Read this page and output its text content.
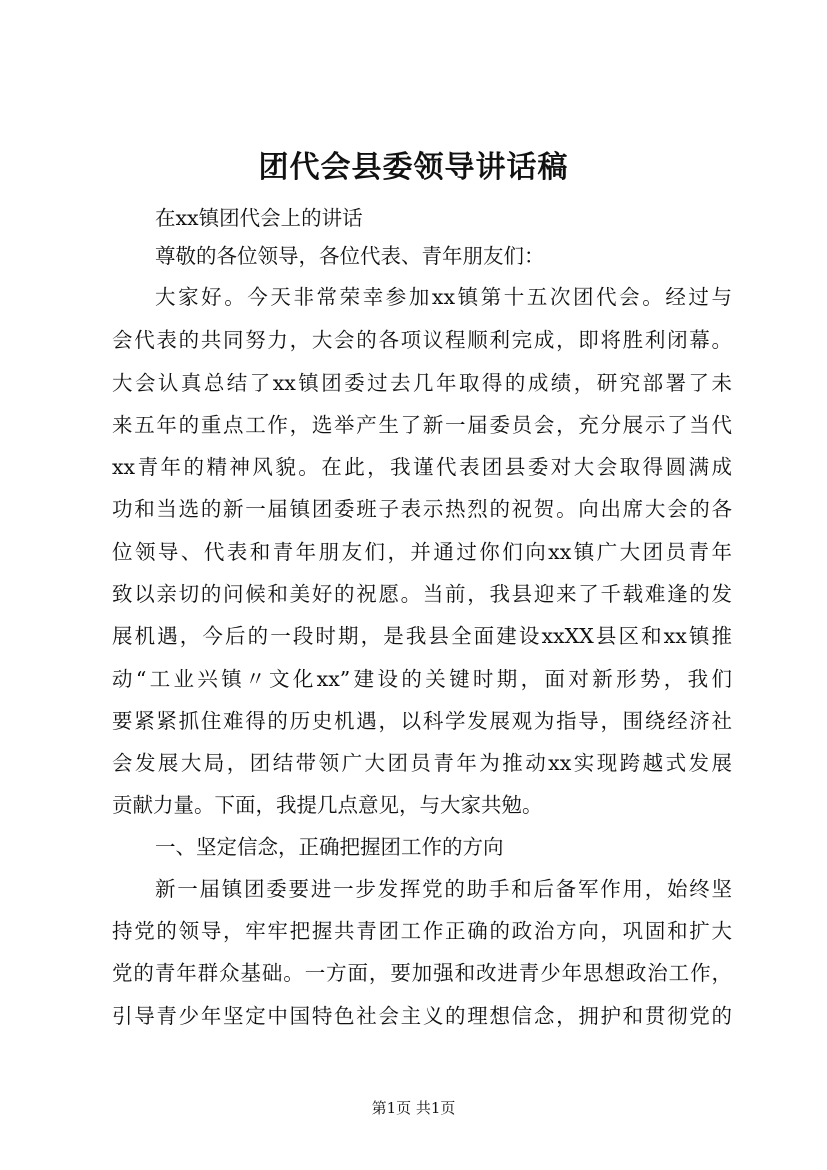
团代会县委领导讲话稿
在xx镇团代会上的讲话
尊敬的各位领导，各位代表、青年朋友们：
大家好。今天非常荣幸参加xx镇第十五次团代会。经过与
会代表的共同努力，大会的各项议程顺利完成，即将胜利闭幕。
大会认真总结了xx镇团委过去几年取得的成绩，研究部署了未
来五年的重点工作，选举产生了新一届委员会，充分展示了当代
xx青年的精神风貌。在此，我谨代表团县委对大会取得圆满成
功和当选的新一届镇团委班子表示热烈的祝贺。向出席大会的各
位领导、代表和青年朋友们，并通过你们向xx镇广大团员青年
致以亲切的问候和美好的祝愿。当前，我县迎来了千载难逢的发
展机遇，今后的一段时期，是我县全面建设xxXX县区和xx镇推
动“工业兴镇〃文化xx”建设的关键时期，面对新形势，我们
要紧紧抓住难得的历史机遇，以科学发展观为指导，围绕经济社
会发展大局，团结带领广大团员青年为推动xx实现跨越式发展
贡献力量。下面，我提几点意见，与大家共勉。
一、坚定信念，正确把握团工作的方向
新一届镇团委要进一步发挥党的助手和后备军作用，始终坚
持党的领导，牢牢把握共青团工作正确的政治方向，巩固和扩大
党的青年群众基础。一方面，要加强和改进青少年思想政治工作，
引导青少年坚定中国特色社会主义的理想信念，拥护和贯彻党的
第1页 共1页
